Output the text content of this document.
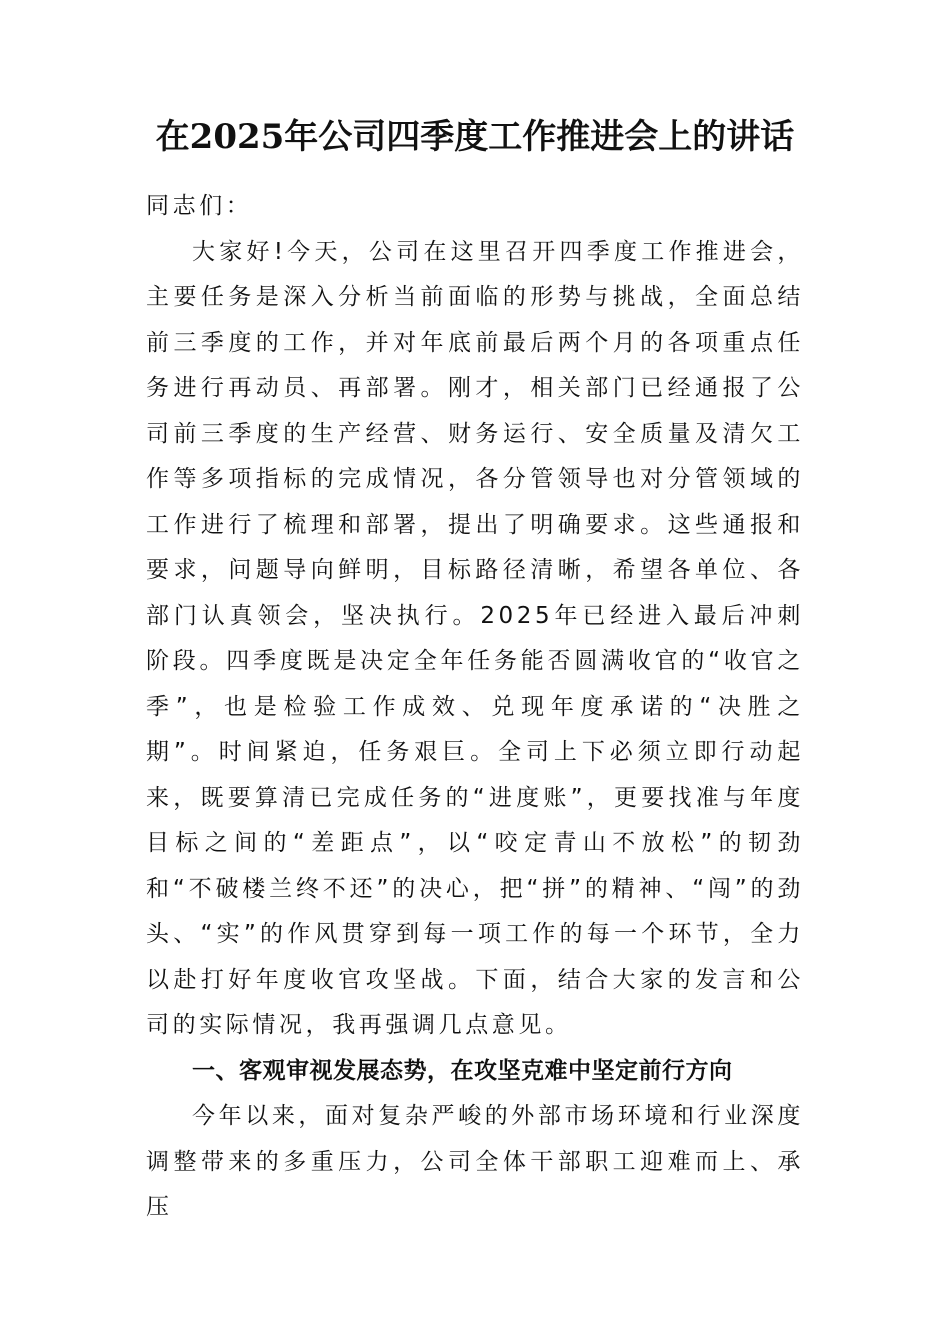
在2025年公司四季度工作推进会上的讲话

同志们：

大家好!今天，公司在这里召开四季度工作推进会，主要任务是深入分析当前面临的形势与挑战，全面总结前三季度的工作，并对年底前最后两个月的各项重点任务进行再动员、再部署。刚才，相关部门已经通报了公司前三季度的生产经营、财务运行、安全质量及清欠工作等多项指标的完成情况，各分管领导也对分管领域的工作进行了梳理和部署，提出了明确要求。这些通报和要求，问题导向鲜明，目标路径清晰，希望各单位、各部门认真领会，坚决执行。2025年已经进入最后冲刺阶段。四季度既是决定全年任务能否圆满收官的“收官之季”，也是检验工作成效、兑现年度承诺的“决胜之期”。时间紧迫，任务艰巨。全司上下必须立即行动起来，既要算清已完成任务的“进度账”，更要找准与年度目标之间的“差距点”，以“咬定青山不放松”的韧劲和“不破楼兰终不还”的决心，把“拼”的精神、“闯”的劲头、“实”的作风贯穿到每一项工作的每一个环节，全力以赴打好年度收官攻坚战。下面，结合大家的发言和公司的实际情况，我再强调几点意见。

一、客观审视发展态势，在攻坚克难中坚定前行方向

今年以来，面对复杂严峻的外部市场环境和行业深度调整带来的多重压力，公司全体干部职工迎难而上、承压
